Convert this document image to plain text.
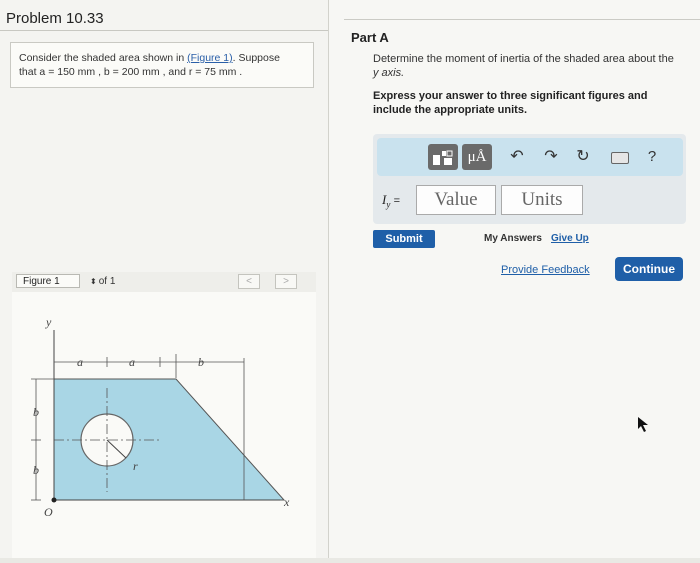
Problem 10.33
Consider the shaded area shown in (Figure 1). Suppose
that a = 150 mm , b = 200 mm , and r = 75 mm .
Figure 1	⬍ of 1	<	>
y
x
O
a	a	b
b
b	r
Part A
Determine the moment of inertia of the shaded area about the
y axis.
Express your answer to three significant figures and include the appropriate units.
μÅ	↶ ↷ ↻	?
$I_y$ =
Value
Units
Submit	My Answers Give Up
Provide Feedback	Continue
